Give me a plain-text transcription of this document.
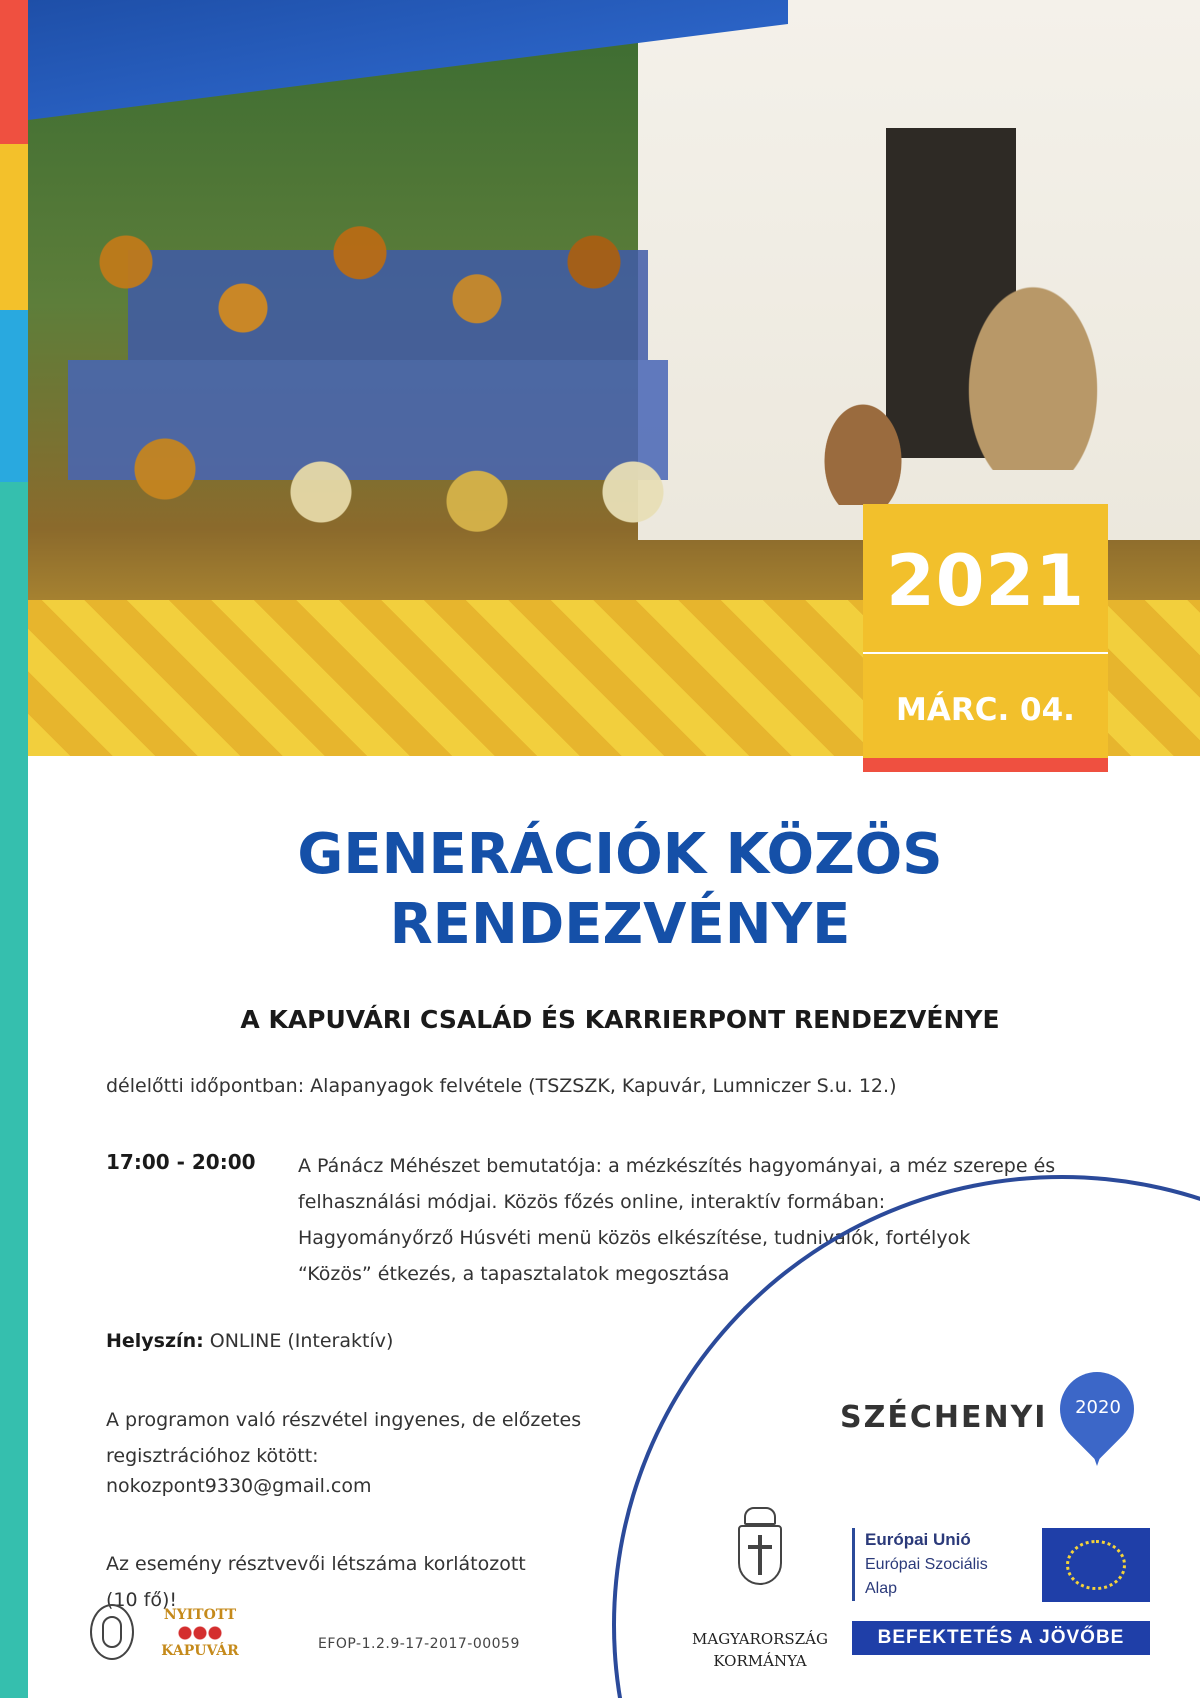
2021
MÁRC. 04.
GENERÁCIÓK KÖZÖS
RENDEZVÉNYE
A KAPUVÁRI CSALÁD ÉS KARRIERPONT RENDEZVÉNYE
délelőtti időpontban: Alapanyagok felvétele (TSZSZK, Kapuvár, Lumniczer S.u. 12.)
17:00 - 20:00 A Pánácz Méhészet bemutatója: a mézkészítés hagyományai, a méz szerepe és
felhasználási módjai. Közös főzés online, interaktív formában:
Hagyományőrző Húsvéti menü közös elkészítése, tudnivalók, fortélyok
“Közös” étkezés, a tapasztalatok megosztása
Helyszín: ONLINE (Interaktív)
A programon való részvétel ingyenes, de előzetes
regisztrációhoz kötött:
nokozpont9330@gmail.com
Az esemény résztvevői létszáma korlátozott
(10 fő)!
SZÉCHENYI	2020
MAGYARORSZÁG
KORMÁNYA
Európai Unió
Európai Szociális
Alap
BEFEKTETÉS A JÖVŐBE
NYITOTT
KAPUVÁR	EFOP-1.2.9-17-2017-00059
